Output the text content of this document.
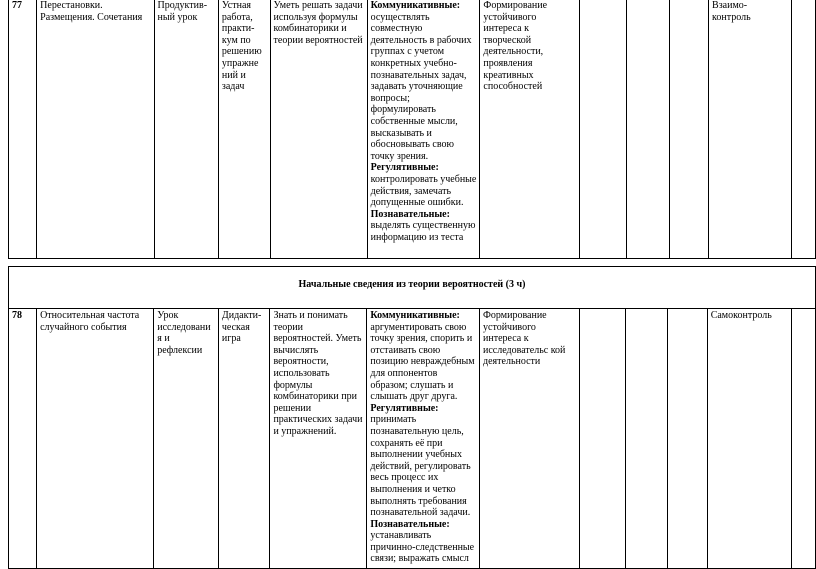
77	Перестановки. Размещения. Сочетания	Продуктив-
ный урок	Устная
работа,
практи-
кум по
решению
упражне
ний и
задач	Уметь решать задачи используя формулы комбинаторики и теории вероятностей	Коммуникативные: осуществлять совместную деятельность в рабочих группах с учетом конкретных учебно-познавательных задач, задавать уточняющие вопросы; формулировать собственные мысли, высказывать и обосновывать свою точку зрения. Регулятивные: контролировать учебные действия, замечать допущенные ошибки. Познавательные: выделять существенную информацию из теста	Формирование устойчивого интереса к творческой деятельности, проявления креативных способностей				Взаимо-
контроль	
Начальные сведения из теории вероятностей (3 ч)
78	Относительная частота случайного события	Урок
исследовани
я и
рефлексии	Дидакти-
ческая
игра	Знать и понимать теории вероятностей. Уметь вычислять вероятности, использовать формулы комбинаторики при решении практических задачи и упражнений.	Коммуникативные: аргументировать свою точку зрения, спорить и отстаивать свою позицию невраждебным для оппонентов образом; слушать и слышать друг друга. Регулятивные: принимать познавательную цель, сохранять её при выполнении учебных действий, регулировать весь процесс их выполнения и четко выполнять требования познавательной задачи. Познавательные: устанавливать причинно-следственные связи; выражать смысл	Формирование устойчивого интереса к исследовательс кой деятельности				Самоконтроль	
